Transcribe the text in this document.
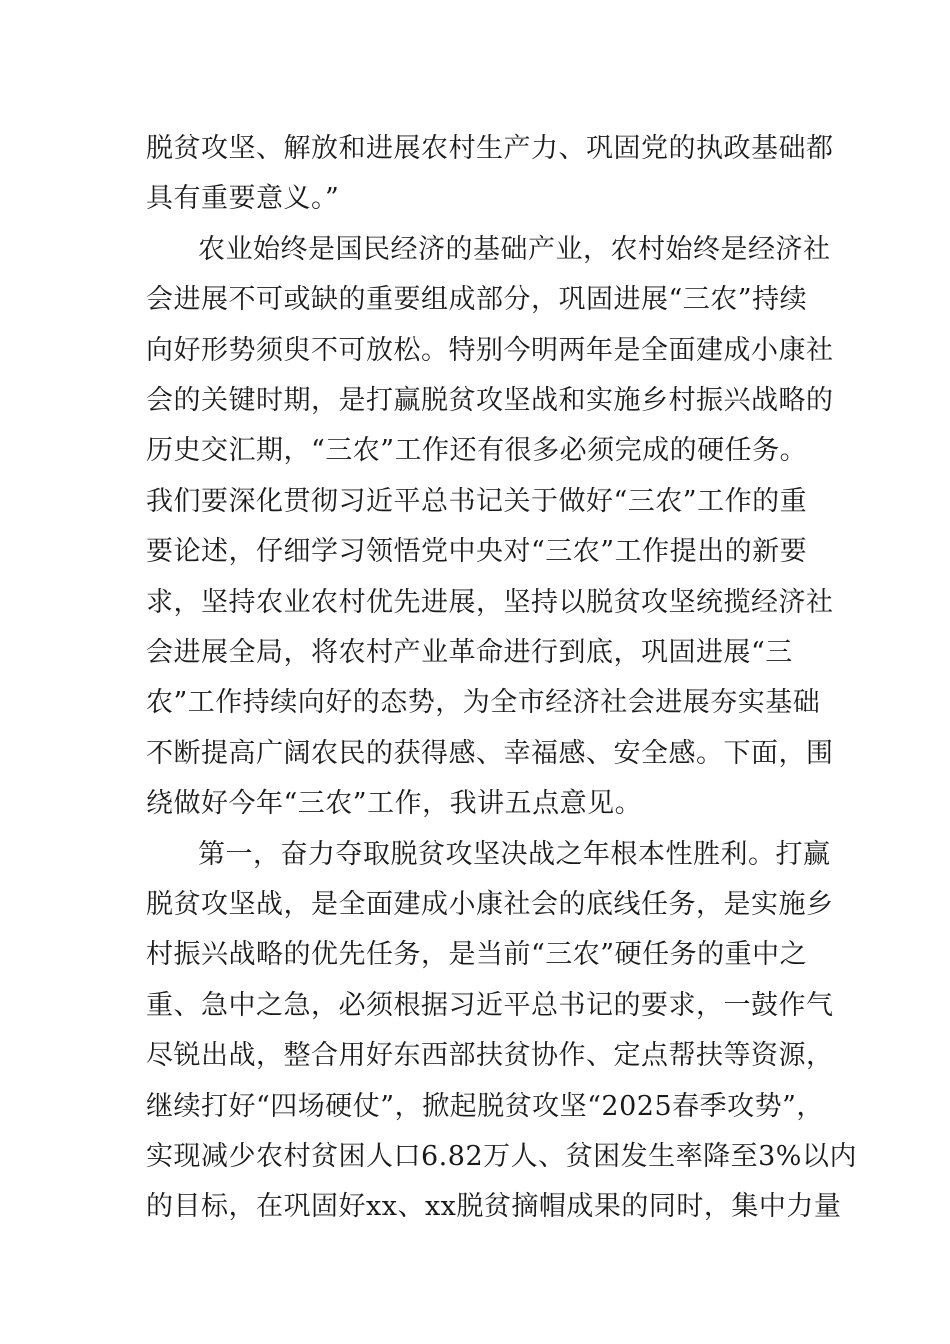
脱贫攻坚、解放和进展农村生产力、巩固党的执政基础都
具有重要意义。”
农业始终是国民经济的基础产业，农村始终是经济社
会进展不可或缺的重要组成部分，巩固进展“三农”持续
向好形势须臾不可放松。特别今明两年是全面建成小康社
会的关键时期，是打赢脱贫攻坚战和实施乡村振兴战略的
历史交汇期，“三农”工作还有很多必须完成的硬任务。
我们要深化贯彻习近平总书记关于做好“三农”工作的重
要论述，仔细学习领悟党中央对“三农”工作提出的新要
求，坚持农业农村优先进展，坚持以脱贫攻坚统揽经济社
会进展全局，将农村产业革命进行到底，巩固进展“三
农”工作持续向好的态势，为全市经济社会进展夯实基础
不断提高广阔农民的获得感、幸福感、安全感。下面，围
绕做好今年“三农”工作，我讲五点意见。
第一，奋力夺取脱贫攻坚决战之年根本性胜利。打赢
脱贫攻坚战，是全面建成小康社会的底线任务，是实施乡
村振兴战略的优先任务，是当前“三农”硬任务的重中之
重、急中之急，必须根据习近平总书记的要求，一鼓作气
尽锐出战，整合用好东西部扶贫协作、定点帮扶等资源，
继续打好“四场硬仗”，掀起脱贫攻坚“2025春季攻势”，
实现减少农村贫困人口6.82万人、贫困发生率降至3%以内
的目标，在巩固好xx、xx脱贫摘帽成果的同时，集中力量
